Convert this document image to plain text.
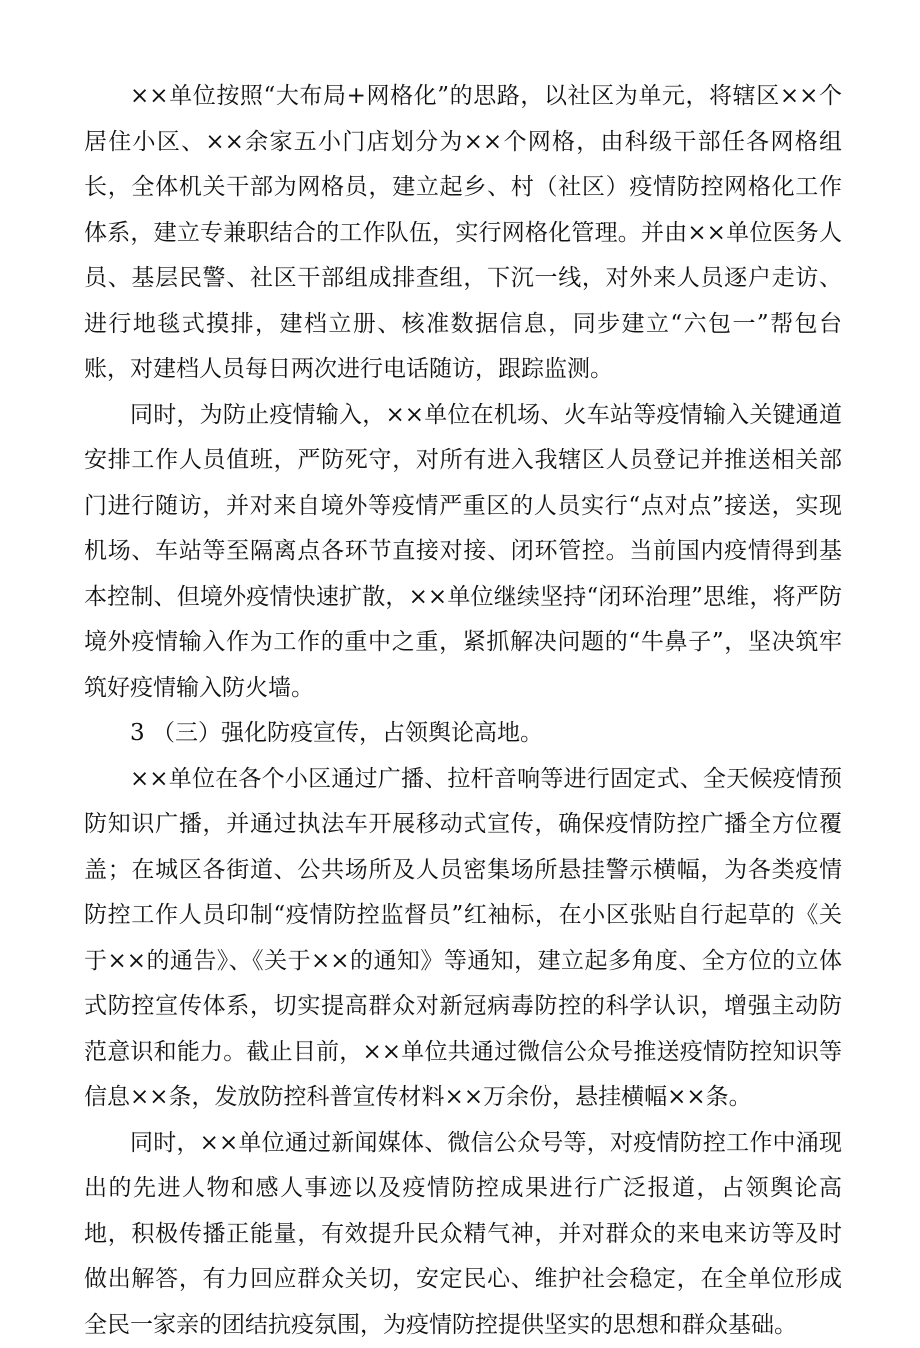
××单位按照“大布局+网格化”的思路，以社区为单元，将辖区××个居住小区、××余家五小门店划分为××个网格，由科级干部任各网格组长，全体机关干部为网格员，建立起乡、村（社区）疫情防控网格化工作体系，建立专兼职结合的工作队伍，实行网格化管理。并由××单位医务人员、基层民警、社区干部组成排查组，下沉一线，对外来人员逐户走访、进行地毯式摸排，建档立册、核准数据信息，同步建立“六包一”帮包台账，对建档人员每日两次进行电话随访，跟踪监测。

同时，为防止疫情输入，××单位在机场、火车站等疫情输入关键通道安排工作人员值班，严防死守，对所有进入我辖区人员登记并推送相关部门进行随访，并对来自境外等疫情严重区的人员实行“点对点”接送，实现机场、车站等至隔离点各环节直接对接、闭环管控。当前国内疫情得到基本控制、但境外疫情快速扩散，××单位继续坚持“闭环治理”思维，将严防境外疫情输入作为工作的重中之重，紧抓解决问题的“牛鼻子”，坚决筑牢筑好疫情输入防火墙。

3 （三）强化防疫宣传，占领舆论高地。

××单位在各个小区通过广播、拉杆音响等进行固定式、全天候疫情预防知识广播，并通过执法车开展移动式宣传，确保疫情防控广播全方位覆盖；在城区各街道、公共场所及人员密集场所悬挂警示横幅，为各类疫情防控工作人员印制“疫情防控监督员”红袖标，在小区张贴自行起草的《关于××的通告》、《关于××的通知》等通知，建立起多角度、全方位的立体式防控宣传体系，切实提高群众对新冠病毒防控的科学认识，增强主动防范意识和能力。截止目前，××单位共通过微信公众号推送疫情防控知识等信息××条，发放防控科普宣传材料××万余份，悬挂横幅××条。

同时，××单位通过新闻媒体、微信公众号等，对疫情防控工作中涌现出的先进人物和感人事迹以及疫情防控成果进行广泛报道，占领舆论高地，积极传播正能量，有效提升民众精气神，并对群众的来电来访等及时做出解答，有力回应群众关切，安定民心、维护社会稳定，在全单位形成全民一家亲的团结抗疫氛围，为疫情防控提供坚实的思想和群众基础。
